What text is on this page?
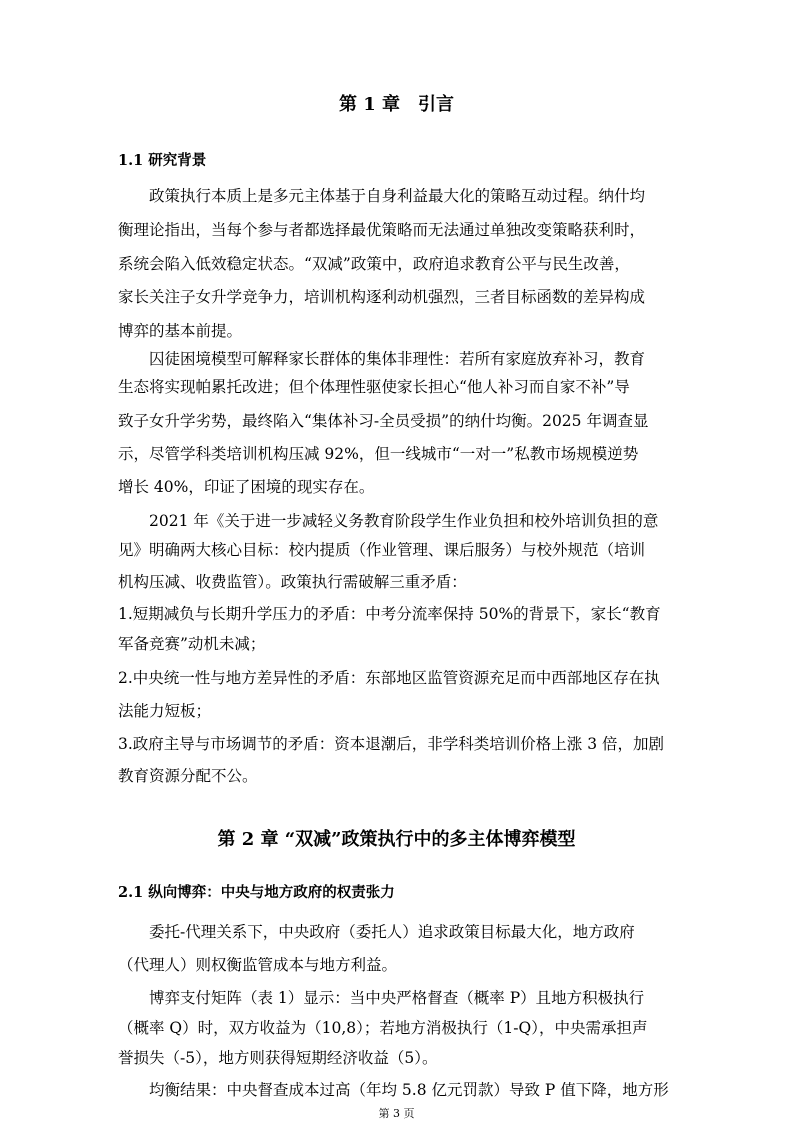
第 1 章　引言
1.1 研究背景

政策执行本质上是多元主体基于自身利益最大化的策略互动过程。纳什均

衡理论指出，当每个参与者都选择最优策略而无法通过单独改变策略获利时，

系统会陷入低效稳定状态。“双减”政策中，政府追求教育公平与民生改善，

家长关注子女升学竞争力，培训机构逐利动机强烈，三者目标函数的差异构成

博弈的基本前提。

囚徒困境模型可解释家长群体的集体非理性：若所有家庭放弃补习，教育

生态将实现帕累托改进；但个体理性驱使家长担心“他人补习而自家不补”导

致子女升学劣势，最终陷入“集体补习-全员受损”的纳什均衡。2025 年调查显

示，尽管学科类培训机构压减 92%，但一线城市“一对一”私教市场规模逆势

增长 40%，印证了困境的现实存在。

2021 年《关于进一步减轻义务教育阶段学生作业负担和校外培训负担的意

见》明确两大核心目标：校内提质（作业管理、课后服务）与校外规范（培训

机构压减、收费监管）。政策执行需破解三重矛盾：

1.短期减负与长期升学压力的矛盾：中考分流率保持 50%的背景下，家长“教育

军备竞赛”动机未减；

2.中央统一性与地方差异性的矛盾：东部地区监管资源充足而中西部地区存在执

法能力短板；

3.政府主导与市场调节的矛盾：资本退潮后，非学科类培训价格上涨 3 倍，加剧

教育资源分配不公。

第 2 章 “双减”政策执行中的多主体博弈模型
2.1 纵向博弈：中央与地方政府的权责张力

委托-代理关系下，中央政府（委托人）追求政策目标最大化，地方政府

（代理人）则权衡监管成本与地方利益。

博弈支付矩阵（表 1）显示：当中央严格督查（概率 P）且地方积极执行

（概率 Q）时，双方收益为（10,8）；若地方消极执行（1-Q），中央需承担声

誉损失（-5），地方则获得短期经济收益（5）。

均衡结果：中央督查成本过高（年均 5.8 亿元罚款）导致 P 值下降，地方形

第 3 页
